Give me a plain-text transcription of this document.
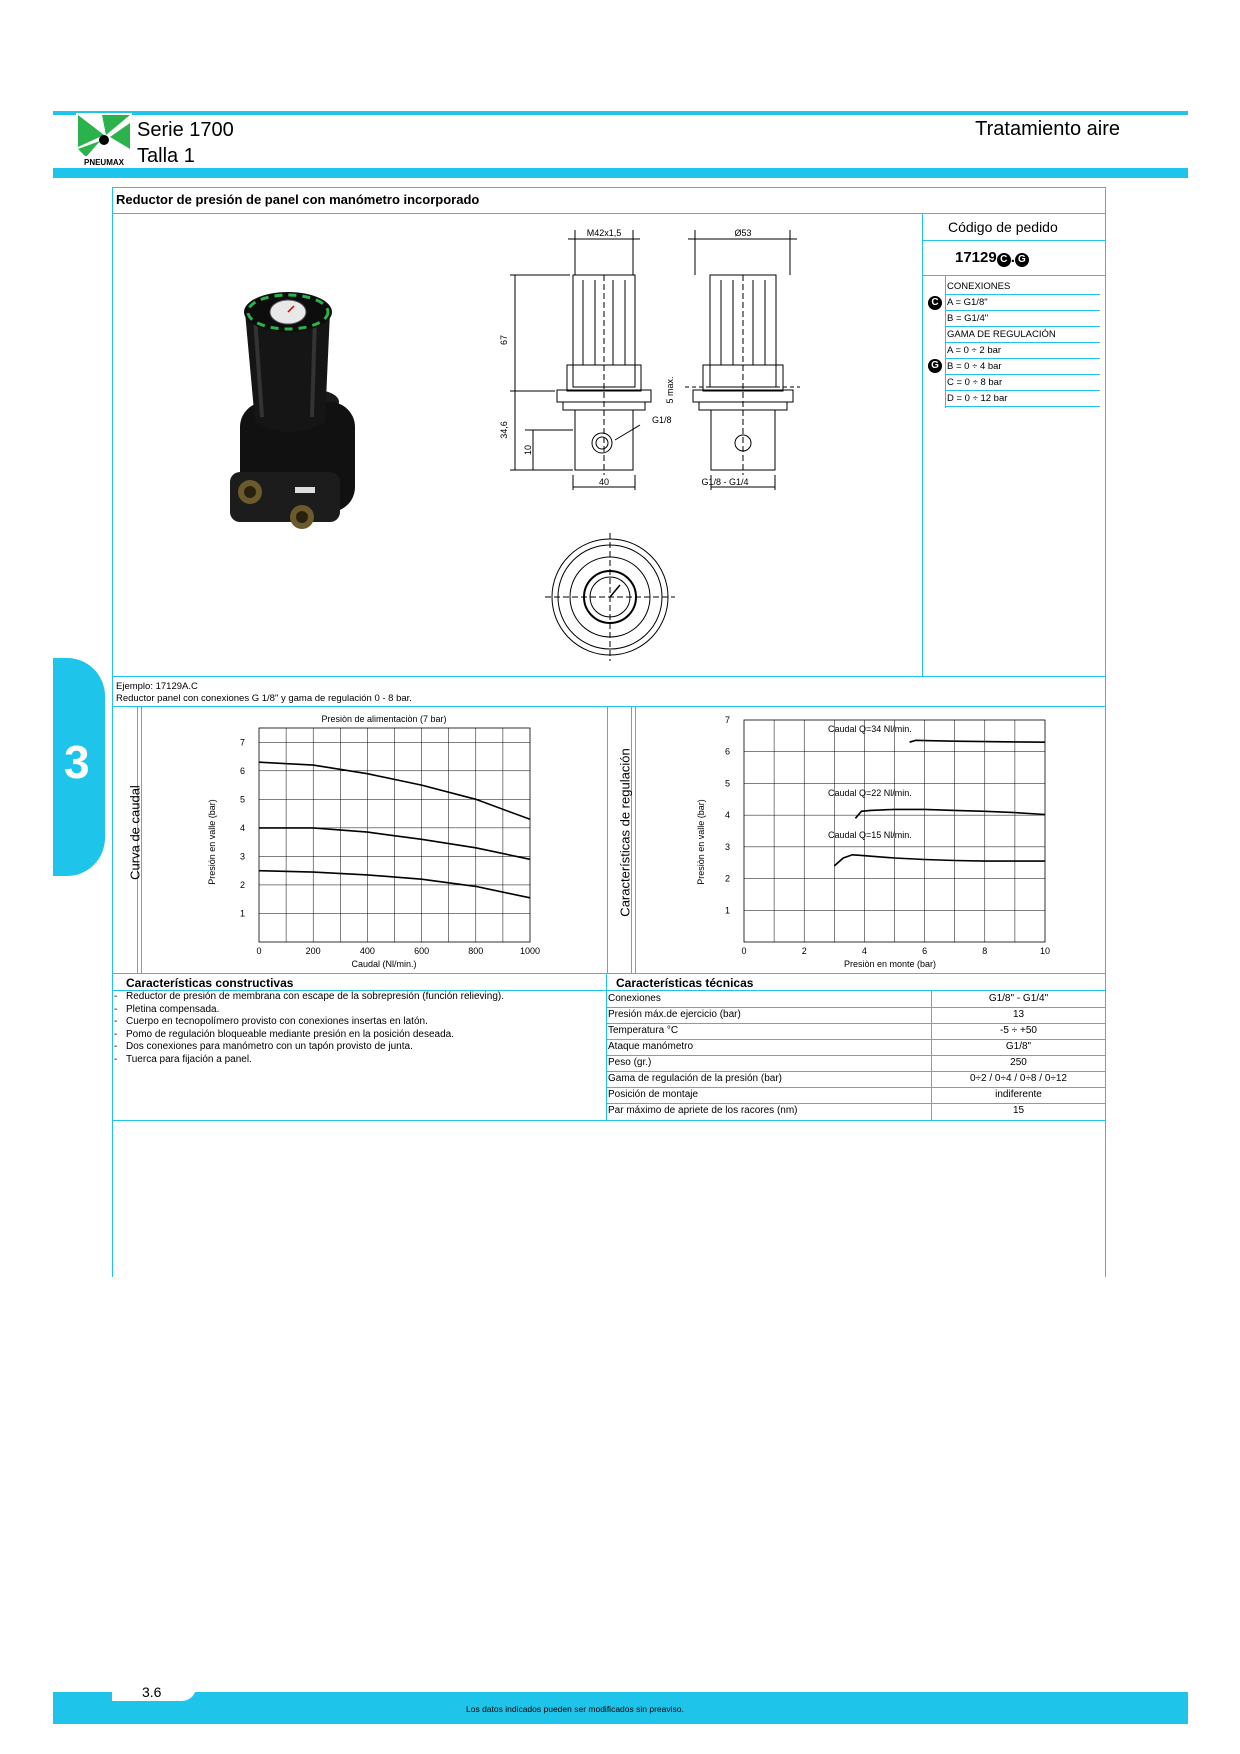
PNEUMAX
Serie 1700
Talla 1
Tratamiento aire
3
Reductor de presión de panel con manómetro incorporado
M42x1,5
67
34,6
10
40
G1/8
5 max.
Ø53
G1/8 - G1/4
Código de pedido
17129 C . G
CONEXIONES
C A = G1/8"
B = G1/4"
GAMA DE REGULACIÓN
G
A = 0 ÷ 2 bar
B = 0 ÷ 4 bar
C = 0 ÷ 8 bar
D = 0 ÷ 12 bar
Ejemplo: 17129A.C
Reductor panel con conexiones G 1/8" y gama de regulación 0 - 8 bar.
Curva de caudal	Características de regulación
Presiòn de alimentaciòn (7 bar)
Caudal (Nl/min.)
Presión en valle (bar)
0	200	400	600	800	1000
1
2
3
4
5
6
7
Presiòn en monte (bar)
Presiòn en valle (bar)
Caudal Q=34 Nl/min.
Caudal Q=22 Nl/min.
Caudal Q=15 Nl/min.
0	2	4	6	8	10
1
2
3
4
5
6
7
Características constructivas
- Reductor de presión de membrana con escape de la sobrepresión (función relieving).
- Pletina compensada.
- Cuerpo en tecnopolímero provisto con conexiones insertas en latón.
- Pomo de regulación bloqueable mediante presión en la posición deseada.
- Dos conexiones para manómetro con un tapón provisto de junta.
- Tuerca para fijación a panel.
Características técnicas
Conexiones	G1/8" - G1/4"
Presión máx.de ejercicio (bar)	13
Temperatura °C	-5 ÷ +50
Ataque manómetro	G1/8"
Peso (gr.)	250
Gama de regulación de la presión (bar)	0÷2 / 0÷4 / 0÷8 / 0÷12
Posición de montaje	indiferente
Par máximo de apriete de los racores (nm)	15
3.6
Los datos indicados pueden ser modificados sin preaviso.
